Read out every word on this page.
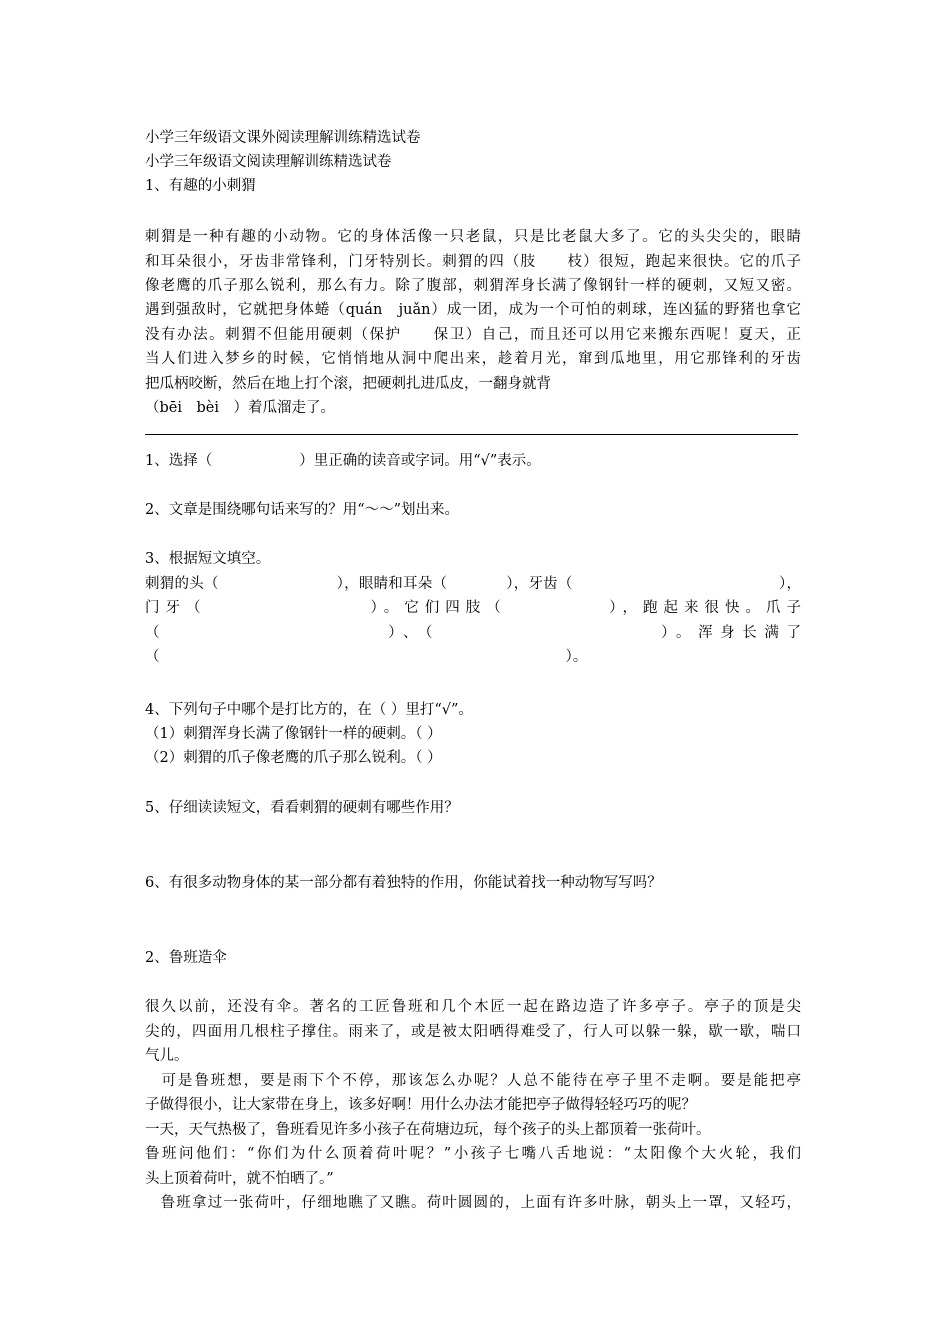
小学三年级语文课外阅读理解训练精选试卷
小学三年级语文阅读理解训练精选试卷
1、有趣的小刺猬
刺猬是一种有趣的小动物。它的身体活像一只老鼠，只是比老鼠大多了。它的头尖尖的，眼睛
和耳朵很小，牙齿非常锋利，门牙特别长。刺猬的四（肢　　枝）很短，跑起来很快。它的爪子
像老鹰的爪子那么锐利，那么有力。除了腹部，刺猬浑身长满了像钢针一样的硬刺，又短又密。
遇到强敌时，它就把身体蜷（quán　juǎn）成一团，成为一个可怕的刺球，连凶猛的野猪也拿它
没有办法。刺猬不但能用硬刺（保护　　保卫）自己，而且还可以用它来搬东西呢！夏天，正
当人们进入梦乡的时候，它悄悄地从洞中爬出来，趁着月光，窜到瓜地里，用它那锋利的牙齿
把瓜柄咬断，然后在地上打个滚，把硬刺扎进瓜皮，一翻身就背
（bēi　bèi　）着瓜溜走了。
1、选择（　　　　　　）里正确的读音或字词。用“√”表示。
2、文章是围绕哪句话来写的？用“～～”划出来。
3、根据短文填空。
刺猬的头（　　　　　　　　），眼睛和耳朵（　　　　），牙齿（　　　　　　　　　　　　　　），
门牙（　　　　　　　　）。它们四肢（　　　　　），跑起来很快。爪子
（　　　　　　　　　　）、（　　　　　　　　　　）。浑身长满了
（　　　　　　　　　　　　　　　　　　　　　　　　　　　　）。
4、下列句子中哪个是打比方的，在（ ）里打“√”。
（1）刺猬浑身长满了像钢针一样的硬刺。（ ）
（2）刺猬的爪子像老鹰的爪子那么锐利。（ ）
5、仔细读读短文，看看刺猬的硬刺有哪些作用？
6、有很多动物身体的某一部分都有着独特的作用，你能试着找一种动物写写吗？
2、鲁班造伞
很久以前，还没有伞。著名的工匠鲁班和几个木匠一起在路边造了许多亭子。亭子的顶是尖
尖的，四面用几根柱子撑住。雨来了，或是被太阳晒得难受了，行人可以躲一躲，歇一歇，喘口
气儿。
　可是鲁班想，要是雨下个不停，那该怎么办呢？人总不能待在亭子里不走啊。要是能把亭
子做得很小，让大家带在身上，该多好啊！用什么办法才能把亭子做得轻轻巧巧的呢？
一天，天气热极了，鲁班看见许多小孩子在荷塘边玩，每个孩子的头上都顶着一张荷叶。
鲁班问他们：“你们为什么顶着荷叶呢？”小孩子七嘴八舌地说：“太阳像个大火轮，我们
头上顶着荷叶，就不怕晒了。”
　鲁班拿过一张荷叶，仔细地瞧了又瞧。荷叶圆圆的，上面有许多叶脉，朝头上一罩，又轻巧，
